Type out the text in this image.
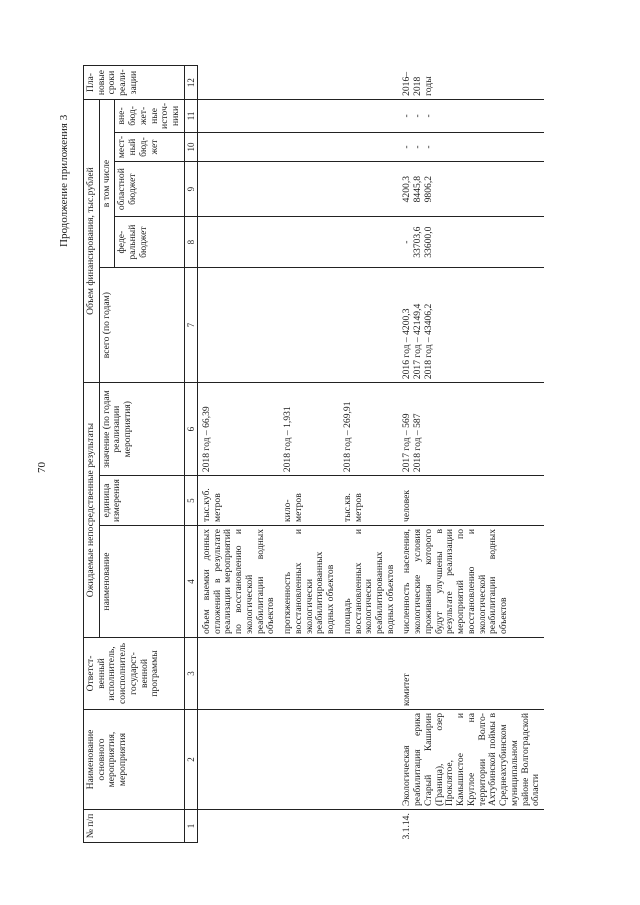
70
Продолжение приложения 3
№ п/п	Наименование основного мероприятия, мероприятия	Ответст-венный исполнитель, соисполнитель государст-венной программы	Ожидаемые непосредственные результаты			Объем финансирования, тыс.рублей					Пла-новые сроки реали-зации
			наименование	единица измерения	значение (по годам реализации мероприятия)	всего (по годам)	в том числе				
							феде-ральный бюджет	областной бюджет	мест-ный бюд-жет	вне-бюд-жет-ные источ-ники	
1	2	3	4	5	6	7	8	9	10	11	12
			объем выемки донных отложений в результате реализации мероприятий по восстановлению и экологической реабилитации водных объектов	тыс.куб. метров	2018 год – 66,39						
			протяженность восстановленных и экологически реабилитированных водных объектов	кило-метров	2018 год – 1,931						
			площадь восстановленных и экологически реабилитированных водных объектов	тыс.кв. метров	2018 год – 269,91						
3.1.14.	Экологическая реабилитация ерика Старый Каширин (Граница), озер Проклятое, Камышистое и Круглое на территории Волго-Ахтубинской поймы в Среднеахтубинском муниципальном районе Волгоградской области	комитет	численность населения, экологические условия проживания которого будут улучшены в результате реализации мероприятий по восстановлению и экологической реабилитации водных объектов	человек	2017 год – 569 2018 год – 587	2016 год – 4200,3 2017 год – 42149,4 2018 год – 43406,2	- 33703,6 33600,0	4200,3 8445,8 9806,2	- - -	- - -	2016–2018 годы
